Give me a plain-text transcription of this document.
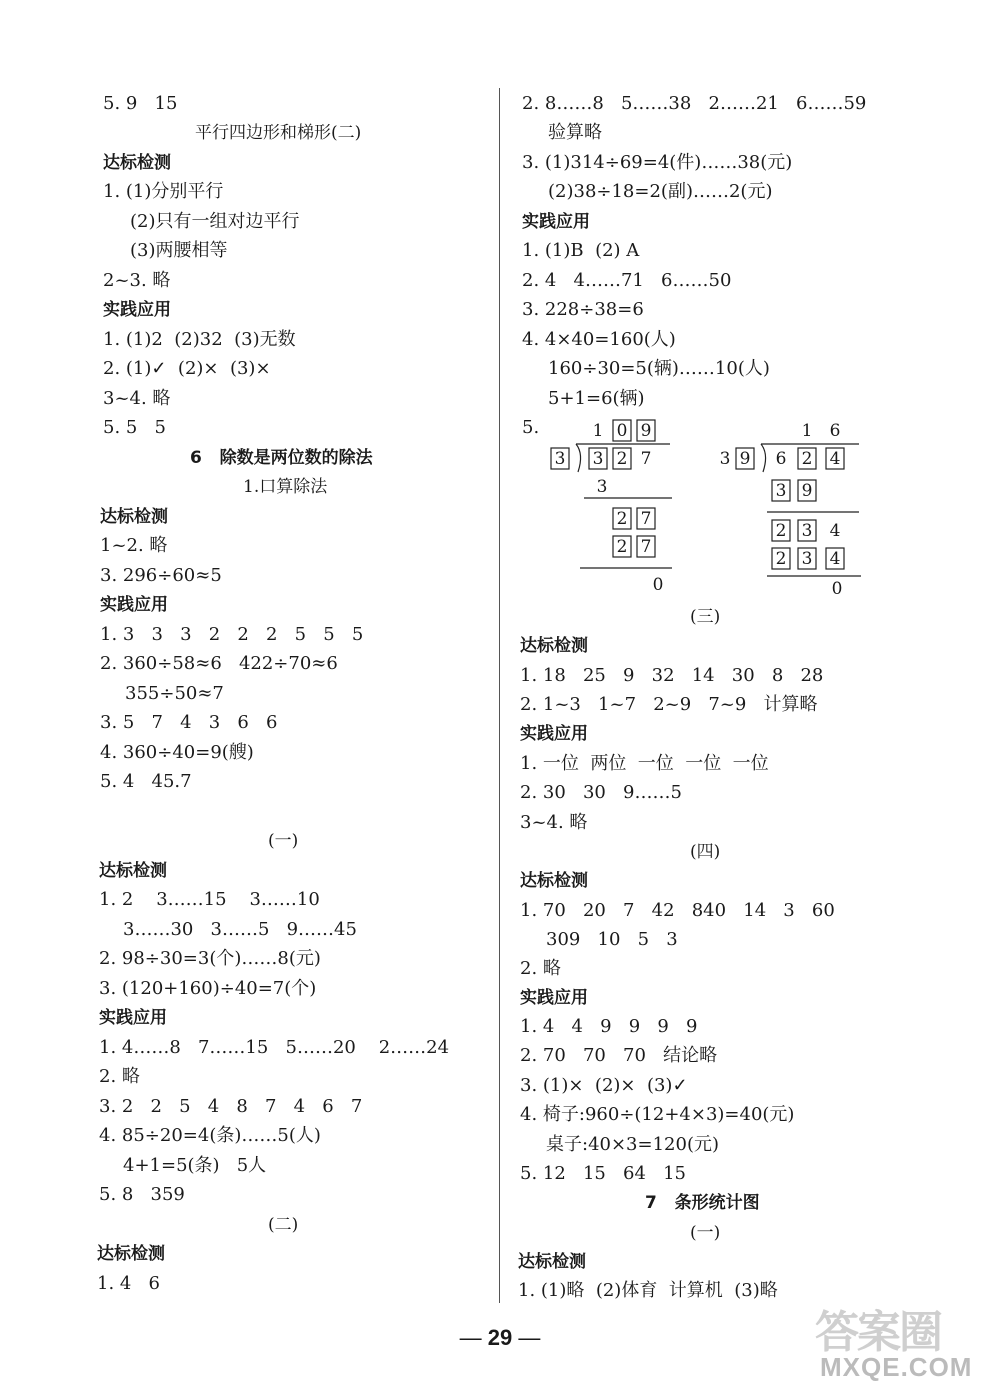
5. 9   15
平行四边形和梯形(二)
达标检测
1. (1)分别平行
(2)只有一组对边平行
(3)两腰相等
2~3. 略
实践应用
1. (1)2  (2)32  (3)无数
2. (1)✓  (2)×  (3)×
3~4. 略
5. 5   5
6   除数是两位数的除法
1.口算除法
达标检测
1~2. 略
3. 296÷60≈5
实践应用
1. 3   3   3   2   2   2   5   5   5
2. 360÷58≈6   422÷70≈6
355÷50≈7
3. 5   7   4   3   6   6
4. 360÷40=9(艘)
5. 4   45.7
(一)
达标检测
1. 2    3……15    3……10
3……30   3……5   9……45
2. 98÷30=3(个)……8(元)
3. (120+160)÷40=7(个)
实践应用
1. 4……8   7……15   5……20    2……24
2. 略
3. 2   2   5   4   8   7   4   6   7
4. 85÷20=4(条)……5(人)
4+1=5(条)   5人
5. 8   359
(二)
达标检测
1. 4   6
2. 8……8   5……38   2……21   6……59
验算略
3. (1)314÷69=4(件)……38(元)
(2)38÷18=2(副)……2(元)
实践应用
1. (1)B  (2) A
2. 4   4……71   6……50
3. 228÷38=6
4. 4×40=160(人)
160÷30=5(辆)……10(人)
5+1=6(辆)
5.
(三)
达标检测
1. 18   25   9   32   14   30   8   28
2. 1~3   1~7   2~9   7~9   计算略
实践应用
1. 一位  两位  一位  一位  一位
2. 30   30   9……5
3~4. 略
(四)
达标检测
1. 70   20   7   42   840   14   3   60
309   10   5   3
2. 略
实践应用
1. 4   4   9   9   9   9
2. 70   70   70   结论略
3. (1)×  (2)×  (3)✓
4. 椅子:960÷(12+4×3)=40(元)
桌子:40×3=120(元)
5. 12   15   64   15
7   条形统计图
(一)
达标检测
1. (1)略  (2)体育  计算机  (3)略
1 0 9
3 3 2 7
3
2 7
2 7
0
1 6
3 9 6 2 4
3 9
2 3 4
2 3 4
0
— 29 —	答案圈
MXQE.COM
